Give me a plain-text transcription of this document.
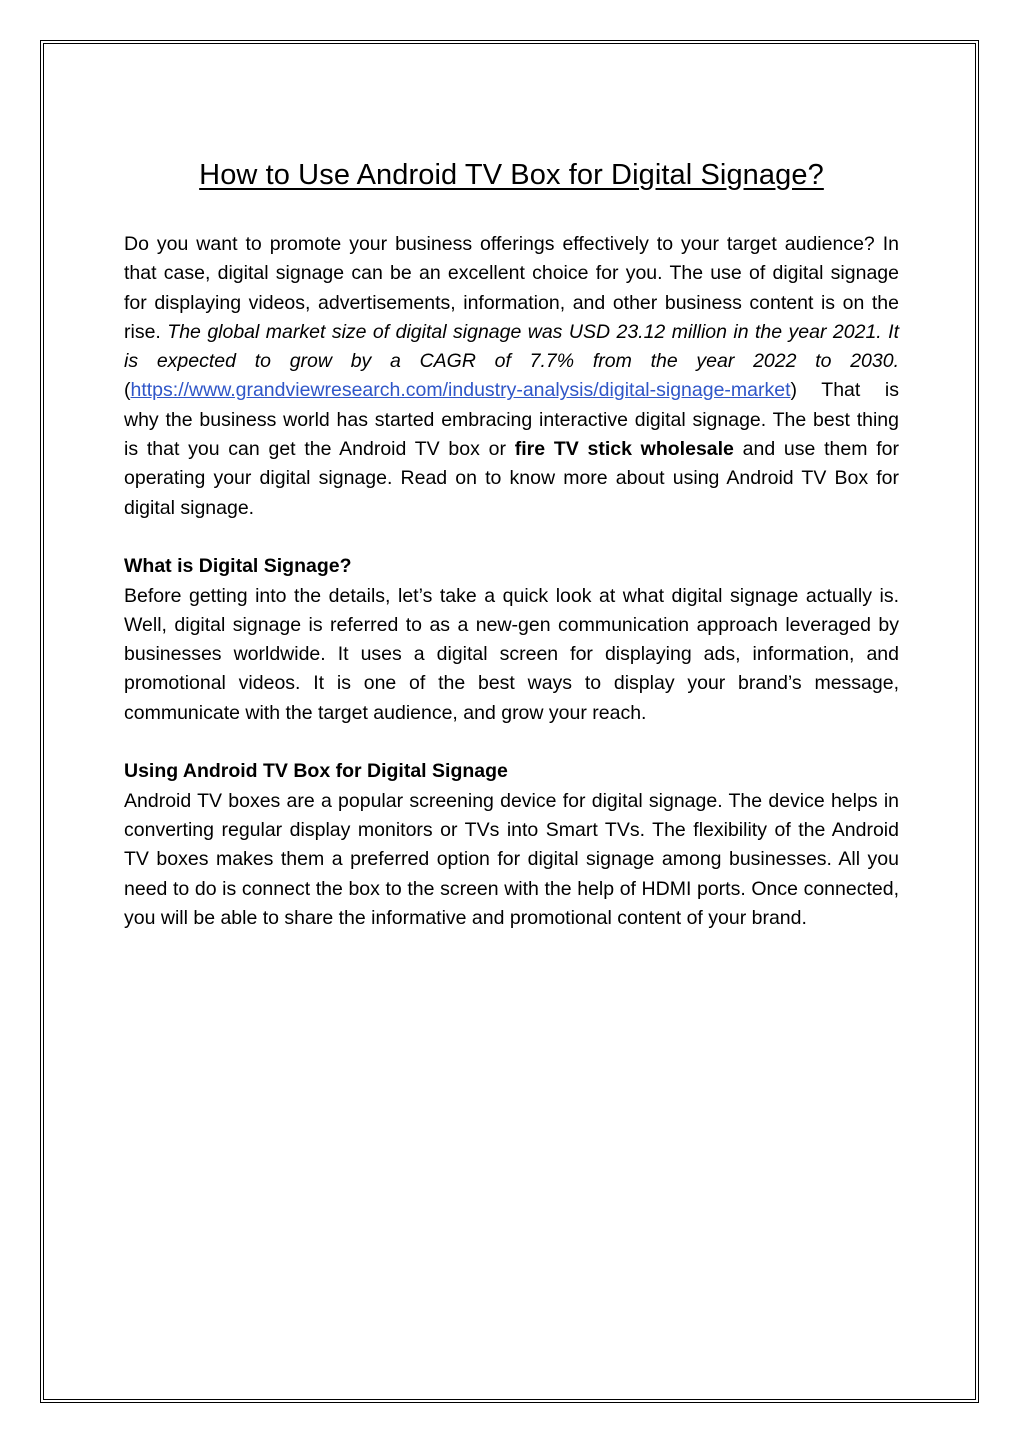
How to Use Android TV Box for Digital Signage?

Do you want to promote your business offerings effectively to your target audience? In that case, digital signage can be an excellent choice for you. The use of digital signage for displaying videos, advertisements, information, and other business content is on the rise. The global market size of digital signage was USD 23.12 million in the year 2021. It is expected to grow by a CAGR of 7.7% from the year 2022 to 2030. (https://www.grandviewresearch.com/industry-analysis/digital-signage-market) That is why the business world has started embracing interactive digital signage. The best thing is that you can get the Android TV box or fire TV stick wholesale and use them for operating your digital signage. Read on to know more about using Android TV Box for digital signage.

What is Digital Signage?

Before getting into the details, let’s take a quick look at what digital signage actually is. Well, digital signage is referred to as a new-gen communication approach leveraged by businesses worldwide. It uses a digital screen for displaying ads, information, and promotional videos. It is one of the best ways to display your brand’s message, communicate with the target audience, and grow your reach.

Using Android TV Box for Digital Signage

Android TV boxes are a popular screening device for digital signage. The device helps in converting regular display monitors or TVs into Smart TVs. The flexibility of the Android TV boxes makes them a preferred option for digital signage among businesses. All you need to do is connect the box to the screen with the help of HDMI ports. Once connected, you will be able to share the informative and promotional content of your brand.
